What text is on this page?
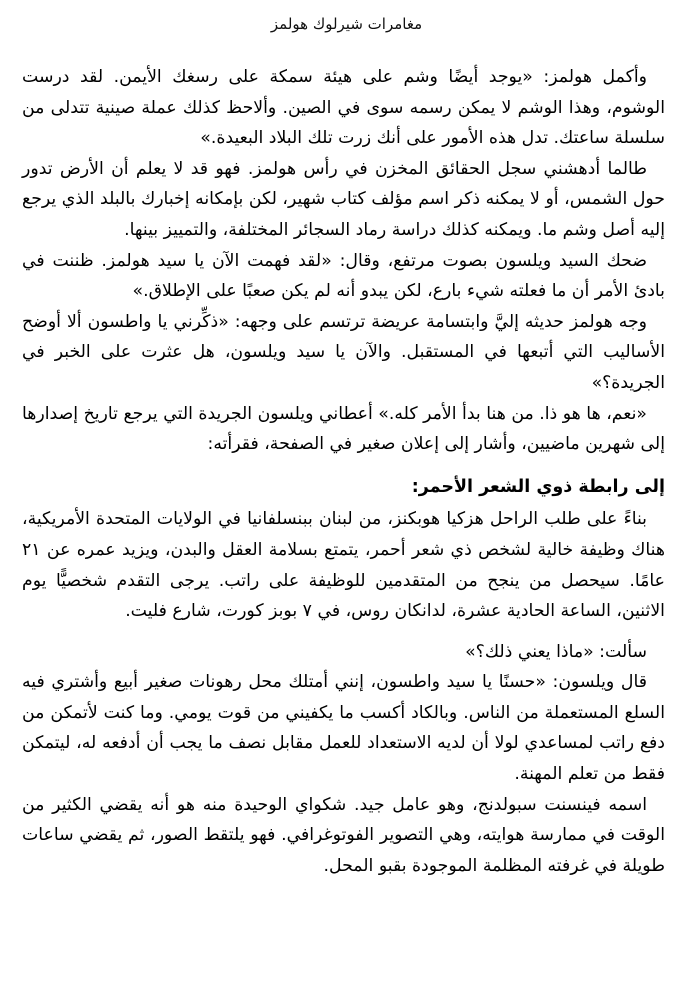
مغامرات شيرلوك هولمز

وأكمل هولمز: «يوجد أيضًا وشم على هيئة سمكة على رسغك الأيمن. لقد درست الوشوم، وهذا الوشم لا يمكن رسمه سوى في الصين. وألاحظ كذلك عملة صينية تتدلى من سلسلة ساعتك. تدل هذه الأمور على أنك زرت تلك البلاد البعيدة.»

طالما أدهشني سجل الحقائق المخزن في رأس هولمز. فهو قد لا يعلم أن الأرض تدور حول الشمس، أو لا يمكنه ذكر اسم مؤلف كتاب شهير، لكن بإمكانه إخبارك بالبلد الذي يرجع إليه أصل وشم ما. ويمكنه كذلك دراسة رماد السجائر المختلفة، والتمييز بينها.

ضحك السيد ويلسون بصوت مرتفع، وقال: «لقد فهمت الآن يا سيد هولمز. ظننت في بادئ الأمر أن ما فعلته شيء بارع، لكن يبدو أنه لم يكن صعبًا على الإطلاق.»

وجه هولمز حديثه إليَّ وابتسامة عريضة ترتسم على وجهه: «ذكِّرني يا واطسون ألا أوضح الأساليب التي أتبعها في المستقبل. والآن يا سيد ويلسون، هل عثرت على الخبر في الجريدة؟»

«نعم، ها هو ذا. من هنا بدأ الأمر كله.» أعطاني ويلسون الجريدة التي يرجع تاريخ إصدارها إلى شهرين ماضيين، وأشار إلى إعلان صغير في الصفحة، فقرأته:

إلى رابطة ذوي الشعر الأحمر:

بناءً على طلب الراحل هزكيا هوبكنز، من لبنان ببنسلفانيا في الولايات المتحدة الأمريكية، هناك وظيفة خالية لشخص ذي شعر أحمر، يتمتع بسلامة العقل والبدن، ويزيد عمره عن ٢١ عامًا. سيحصل من ينجح من المتقدمين للوظيفة على راتب. يرجى التقدم شخصيًّا يوم الاثنين، الساعة الحادية عشرة، لدانكان روس، في ٧ بوبز كورت، شارع فليت.

سألت: «ماذا يعني ذلك؟»

قال ويلسون: «حسنًا يا سيد واطسون، إنني أمتلك محل رهونات صغير أبيع وأشتري فيه السلع المستعملة من الناس. وبالكاد أكسب ما يكفيني من قوت يومي. وما كنت لأتمكن من دفع راتب لمساعدي لولا أن لديه الاستعداد للعمل مقابل نصف ما يجب أن أدفعه له، ليتمكن فقط من تعلم المهنة.

اسمه فينسنت سبولدنج، وهو عامل جيد. شكواي الوحيدة منه هو أنه يقضي الكثير من الوقت في ممارسة هوايته، وهي التصوير الفوتوغرافي. فهو يلتقط الصور، ثم يقضي ساعات طويلة في غرفته المظلمة الموجودة بقبو المحل.
